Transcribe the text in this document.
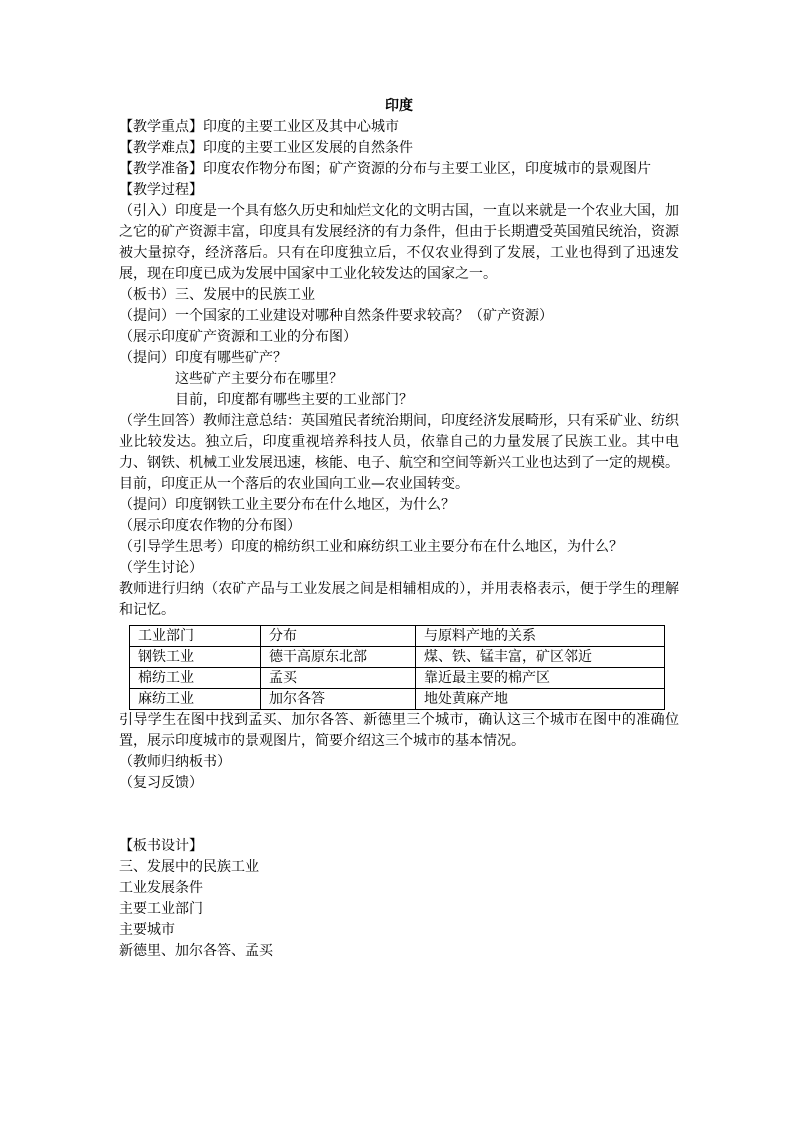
印度

【教学重点】印度的主要工业区及其中心城市

【教学难点】印度的主要工业区发展的自然条件

【教学准备】印度农作物分布图；矿产资源的分布与主要工业区，印度城市的景观图片

【教学过程】

（引入）印度是一个具有悠久历史和灿烂文化的文明古国，一直以来就是一个农业大国，加之它的矿产资源丰富，印度具有发展经济的有力条件，但由于长期遭受英国殖民统治，资源被大量掠夺，经济落后。只有在印度独立后，不仅农业得到了发展，工业也得到了迅速发展，现在印度已成为发展中国家中工业化较发达的国家之一。

（板书）三、发展中的民族工业

（提问）一个国家的工业建设对哪种自然条件要求较高？（矿产资源）

（展示印度矿产资源和工业的分布图）

（提问）印度有哪些矿产？

这些矿产主要分布在哪里？

目前，印度都有哪些主要的工业部门？

（学生回答）教师注意总结：英国殖民者统治期间，印度经济发展畸形，只有采矿业、纺织业比较发达。独立后，印度重视培养科技人员，依靠自己的力量发展了民族工业。其中电力、钢铁、机械工业发展迅速，核能、电子、航空和空间等新兴工业也达到了一定的规模。目前，印度正从一个落后的农业国向工业—农业国转变。

（提问）印度钢铁工业主要分布在什么地区，为什么？

（展示印度农作物的分布图）

（引导学生思考）印度的棉纺织工业和麻纺织工业主要分布在什么地区，为什么？

（学生讨论）

教师进行归纳（农矿产品与工业发展之间是相辅相成的），并用表格表示，便于学生的理解和记忆。

工业部门	分布	与原料产地的关系
钢铁工业	德干高原东北部	煤、铁、锰丰富，矿区邻近
棉纺工业	孟买	靠近最主要的棉产区
麻纺工业	加尔各答	地处黄麻产地

引导学生在图中找到孟买、加尔各答、新德里三个城市，确认这三个城市在图中的准确位置，展示印度城市的景观图片，简要介绍这三个城市的基本情况。

（教师归纳板书）

（复习反馈）

【板书设计】

三、发展中的民族工业

工业发展条件

主要工业部门

主要城市

新德里、加尔各答、孟买
